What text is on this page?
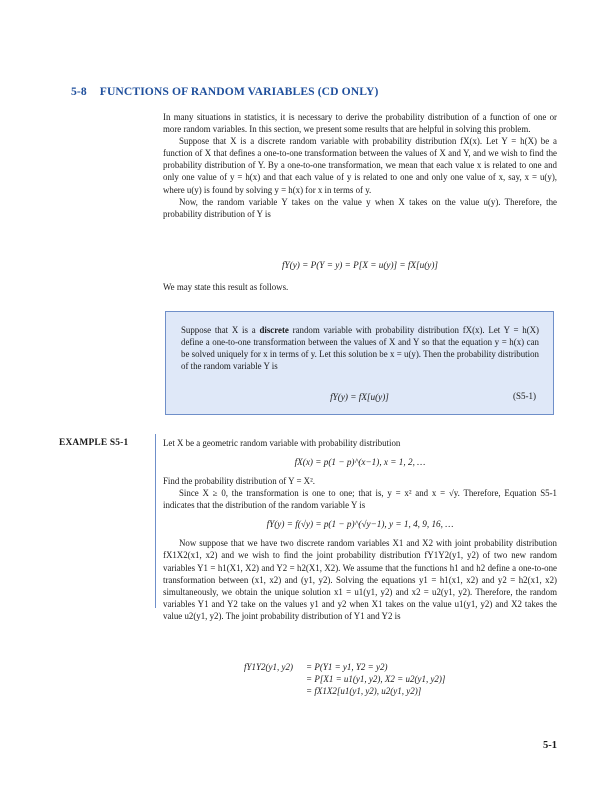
5-8 FUNCTIONS OF RANDOM VARIABLES (CD ONLY)

In many situations in statistics, it is necessary to derive the probability distribution of a function of one or more random variables. In this section, we present some results that are helpful in solving this problem.

Suppose that X is a discrete random variable with probability distribution fX(x). Let Y = h(X) be a function of X that defines a one-to-one transformation between the values of X and Y, and we wish to find the probability distribution of Y. By a one-to-one transformation, we mean that each value x is related to one and only one value of y = h(x) and that each value of y is related to one and only one value of x, say, x = u(y), where u(y) is found by solving y = h(x) for x in terms of y.

Now, the random variable Y takes on the value y when X takes on the value u(y). Therefore, the probability distribution of Y is

fY(y) = P(Y = y) = P[X = u(y)] = fX[u(y)]

We may state this result as follows.

Suppose that X is a discrete random variable with probability distribution fX(x). Let Y = h(X) define a one-to-one transformation between the values of X and Y so that the equation y = h(x) can be solved uniquely for x in terms of y. Let this solution be x = u(y). Then the probability distribution of the random variable Y is

fY(y) = fX[u(y)]	(S5-1)
EXAMPLE S5-1	Let X be a geometric random variable with probability distribution

fX(x) = p(1 − p)^(x−1), x = 1, 2, …

Find the probability distribution of Y = X².

Since X ≥ 0, the transformation is one to one; that is, y = x² and x = √y. Therefore, Equation S5-1 indicates that the distribution of the random variable Y is

fY(y) = f(√y) = p(1 − p)^(√y−1), y = 1, 4, 9, 16, …

Now suppose that we have two discrete random variables X1 and X2 with joint probability distribution fX1X2(x1, x2) and we wish to find the joint probability distribution fY1Y2(y1, y2) of two new random variables Y1 = h1(X1, X2) and Y2 = h2(X1, X2). We assume that the functions h1 and h2 define a one-to-one transformation between (x1, x2) and (y1, y2). Solving the equations y1 = h1(x1, x2) and y2 = h2(x1, x2) simultaneously, we obtain the unique solution x1 = u1(y1, y2) and x2 = u2(y1, y2). Therefore, the random variables Y1 and Y2 take on the values y1 and y2 when X1 takes on the value u1(y1, y2) and X2 takes the value u2(y1, y2). The joint probability distribution of Y1 and Y2 is

fY1Y2(y1, y2) = P(Y1 = y1, Y2 = y2)
= P[X1 = u1(y1, y2), X2 = u2(y1, y2)]
= fX1X2[u1(y1, y2), u2(y1, y2)]
5-1
